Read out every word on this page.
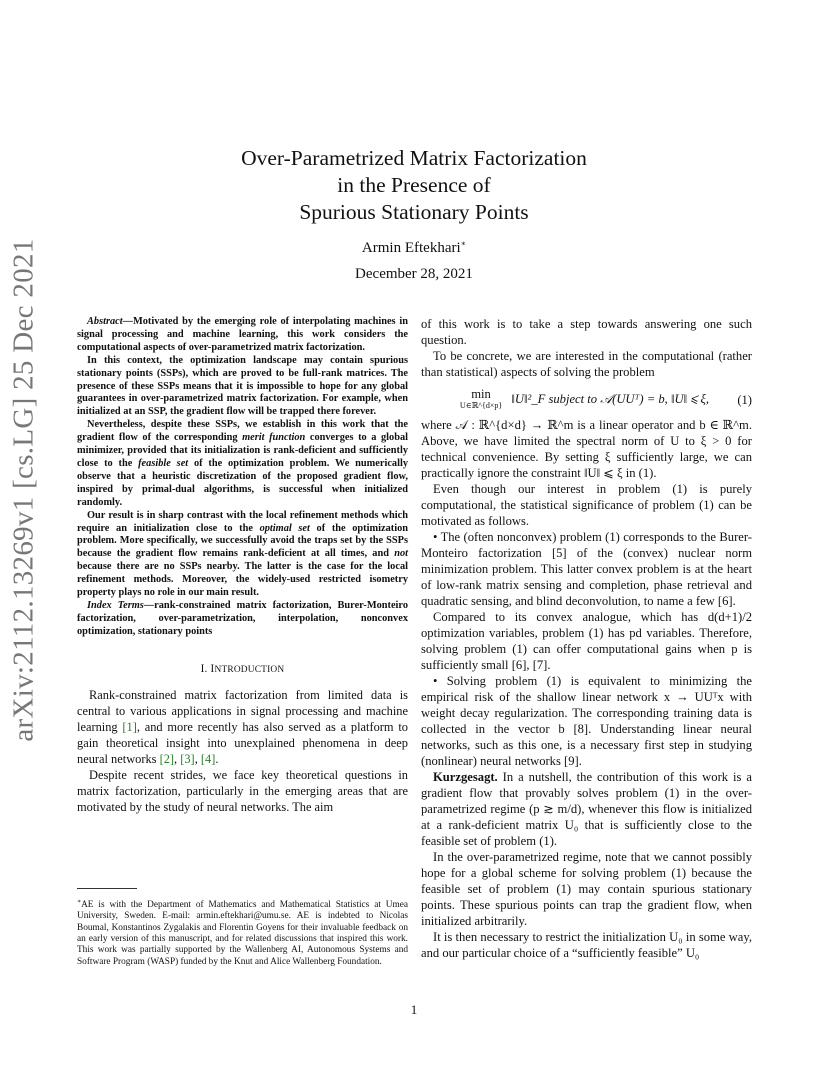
arXiv:2112.13269v1 [cs.LG] 25 Dec 2021
Over-Parametrized Matrix Factorization
in the Presence of
Spurious Stationary Points
Armin Eftekhari∗
December 28, 2021

Abstract—Motivated by the emerging role of interpolating machines in signal processing and machine learning, this work considers the computational aspects of over-parametrized matrix factorization.

In this context, the optimization landscape may contain spurious stationary points (SSPs), which are proved to be full-rank matrices. The presence of these SSPs means that it is impossible to hope for any global guarantees in over-parametrized matrix factorization. For example, when initialized at an SSP, the gradient flow will be trapped there forever.

Nevertheless, despite these SSPs, we establish in this work that the gradient flow of the corresponding merit function converges to a global minimizer, provided that its initialization is rank-deficient and sufficiently close to the feasible set of the optimization problem. We numerically observe that a heuristic discretization of the proposed gradient flow, inspired by primal-dual algorithms, is successful when initialized randomly.

Our result is in sharp contrast with the local refinement methods which require an initialization close to the optimal set of the optimization problem. More specifically, we successfully avoid the traps set by the SSPs because the gradient flow remains rank-deficient at all times, and not because there are no SSPs nearby. The latter is the case for the local refinement methods. Moreover, the widely-used restricted isometry property plays no role in our main result.

Index Terms—rank-constrained matrix factorization, Burer-Monteiro factorization, over-parametrization, interpolation, nonconvex optimization, stationary points

I. INTRODUCTION

Rank-constrained matrix factorization from limited data is central to various applications in signal processing and machine learning [1], and more recently has also served as a platform to gain theoretical insight into unexplained phenomena in deep neural networks [2], [3], [4].

Despite recent strides, we face key theoretical questions in matrix factorization, particularly in the emerging areas that are motivated by the study of neural networks. The aim

∗AE is with the Department of Mathematics and Mathematical Statistics at Umea University, Sweden. E-mail: armin.eftekhari@umu.se. AE is indebted to Nicolas Boumal, Konstantinos Zygalakis and Florentin Goyens for their invaluable feedback on an early version of this manuscript, and for related discussions that inspired this work. This work was partially supported by the Wallenberg AI, Autonomous Systems and Software Program (WASP) funded by the Knut and Alice Wallenberg Foundation.

of this work is to take a step towards answering one such question.

To be concrete, we are interested in the computational (rather than statistical) aspects of solving the problem

min
U∈ℝ^{d×p} ‖U‖²_F subject to 𝒜(UUᵀ) = b, ‖U‖ ⩽ ξ,	(1)

where 𝒜 : ℝ^{d×d} → ℝ^m is a linear operator and b ∈ ℝ^m. Above, we have limited the spectral norm of U to ξ > 0 for technical convenience. By setting ξ sufficiently large, we can practically ignore the constraint ‖U‖ ⩽ ξ in (1).

Even though our interest in problem (1) is purely computational, the statistical significance of problem (1) can be motivated as follows.

• The (often nonconvex) problem (1) corresponds to the Burer-Monteiro factorization [5] of the (convex) nuclear norm minimization problem. This latter convex problem is at the heart of low-rank matrix sensing and completion, phase retrieval and quadratic sensing, and blind deconvolution, to name a few [6].

Compared to its convex analogue, which has d(d+1)/2 optimization variables, problem (1) has pd variables. Therefore, solving problem (1) can offer computational gains when p is sufficiently small [6], [7].

• Solving problem (1) is equivalent to minimizing the empirical risk of the shallow linear network x → UUᵀx with weight decay regularization. The corresponding training data is collected in the vector b [8]. Understanding linear neural networks, such as this one, is a necessary first step in studying (nonlinear) neural networks [9].

Kurzgesagt. In a nutshell, the contribution of this work is a gradient flow that provably solves problem (1) in the over-parametrized regime (p ≳ m/d), whenever this flow is initialized at a rank-deficient matrix U₀ that is sufficiently close to the feasible set of problem (1).

In the over-parametrized regime, note that we cannot possibly hope for a global scheme for solving problem (1) because the feasible set of problem (1) may contain spurious stationary points. These spurious points can trap the gradient flow, when initialized arbitrarily.

It is then necessary to restrict the initialization U₀ in some way, and our particular choice of a “sufficiently feasible” U₀

1
